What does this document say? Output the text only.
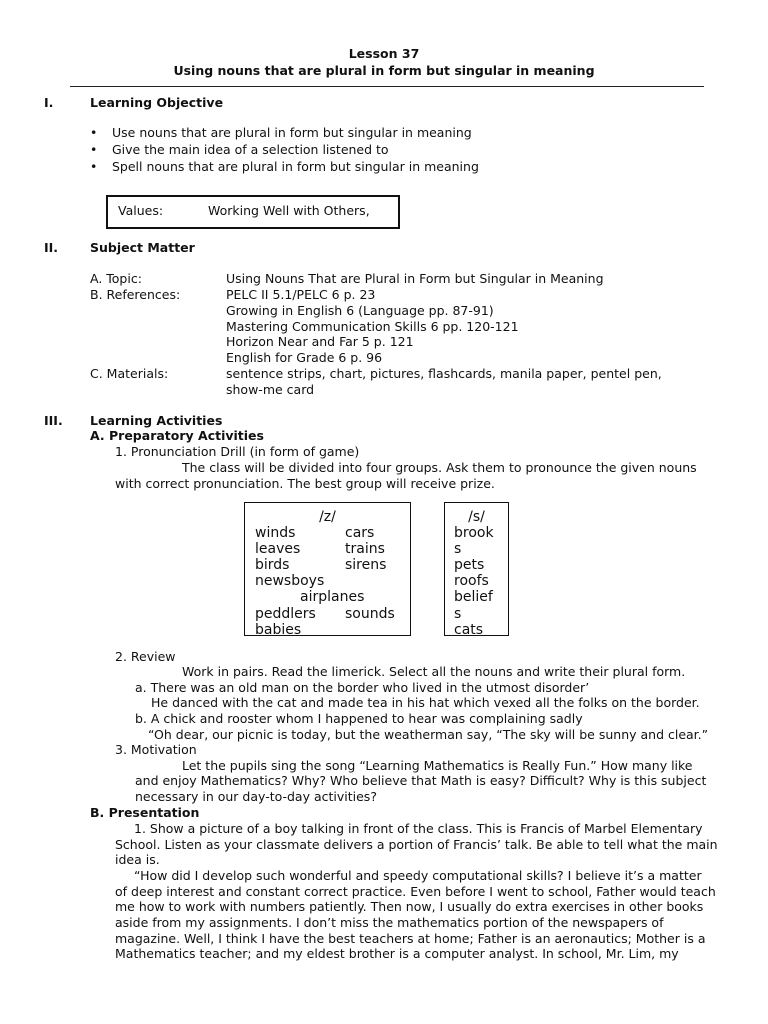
Lesson 37
Using nouns that are plural in form but singular in meaning
I.	Learning Objective
• Use nouns that are plural in form but singular in meaning
• Give the main idea of a selection listened to
• Spell nouns that are plural in form but singular in meaning
Values:	Working Well with Others,
II.	Subject Matter
A. Topic:	Using Nouns That are Plural in Form but Singular in Meaning
B. References:	PELC II 5.1/PELC 6 p. 23
Growing in English 6 (Language pp. 87-91)
Mastering Communication Skills 6 pp. 120-121
Horizon Near and Far 5 p. 121
English for Grade 6 p. 96
C. Materials:	sentence strips, chart, pictures, flashcards, manila paper, pentel pen,
show-me card
III. Learning Activities
A. Preparatory Activities
1. Pronunciation Drill (in form of game)
The class will be divided into four groups. Ask them to pronounce the given nouns
with correct pronunciation. The best group will receive prize.
/z/
winds	cars
leaves	trains
birds	sirens
newsboys
airplanes
peddlers sounds
babies
/s/
brook
s
pets
roofs
belief
s
cats
2. Review
Work in pairs. Read the limerick. Select all the nouns and write their plural form.
a. There was an old man on the border who lived in the utmost disorder’
He danced with the cat and made tea in his hat which vexed all the folks on the border.
b. A chick and rooster whom I happened to hear was complaining sadly
“Oh dear, our picnic is today, but the weatherman say, “The sky will be sunny and clear.”
3. Motivation
Let the pupils sing the song “Learning Mathematics is Really Fun.” How many like
and enjoy Mathematics? Why? Who believe that Math is easy? Difficult? Why is this subject
necessary in our day-to-day activities?
B. Presentation
1. Show a picture of a boy talking in front of the class. This is Francis of Marbel Elementary
School. Listen as your classmate delivers a portion of Francis’ talk. Be able to tell what the main
idea is.
“How did I develop such wonderful and speedy computational skills? I believe it’s a matter
of deep interest and constant correct practice. Even before I went to school, Father would teach
me how to work with numbers patiently. Then now, I usually do extra exercises in other books
aside from my assignments. I don’t miss the mathematics portion of the newspapers of
magazine. Well, I think I have the best teachers at home; Father is an aeronautics; Mother is a
Mathematics teacher; and my eldest brother is a computer analyst. In school, Mr. Lim, my
